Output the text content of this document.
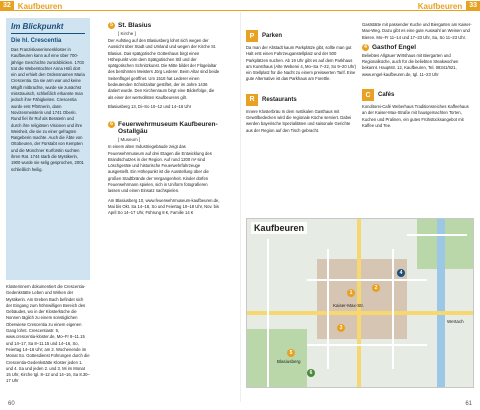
32 Kaufbeuren	Kaufbeuren	33
Im Blickpunkt
Die hl. Crescentia
Das Franziskanerinnenkloster in Kaufbeuren kann auf eine über 700-jährige Geschichte zurückblicken. 1703 trat die Weberstochter Anna Höß dort ein und erhielt den Ordensnamen Maria Crescentia. Da sie arm war und keine Mitgift mitbrachte, wurde sie zunächst misstrauisch, schließlich erkannte man jedoch ihre Fähigkeiten. Crescentia wurde erst Pförtnerin, dann Novizenmeisterin und 1741 Oberin. Rund fiel ihr Ruf als Beraterin und durch ihre religiösen Visionen und ihre Weisheit, die sie zu einer gefragten Ratgeberin machte. Auch die Äbte von Ottobeuren, der Fürstabt von Kempten und die Münchner Kurfürstin suchten ihren Rat. 1744 starb die Mystikerin, 1900 wurde sie selig gesprochen, 2001 schließlich heilig.
Klosterinnern dokumentiert die Crescentia-Gedenkstätte Leben und Wirken der Mystikerin. Am Ereben Bach befindet sich der Eingang zum höhnwilligen Bereich des Gebäudes, wo in der Klosterküche die Nonnen täglich zu einem sonstiglichen Oberwiese Crescentia zu einem eigenen Gang lohnt. Crescentiastr. 5, www.crescentia-kloster.de, Mo–Fr 8–11.15 und 14–17, Sa 8–11.15 und 14–16, So, Feiertag 14–16 Uhr; am 2. Wochenende im Monat So. Gottesdienst Führungen durch die Crescentia-Gedenkstätte Kloster jeden 1. und 4. Sa und jeden 2. und 3. Mi im Monat 15 Uhr, Kirche tgl. 8–12 und 14–16, Sa 8.30–17 Uhr
5 St. Blasius
[ Kirche ]
Der Aufstieg auf den Blasiusberg lohnt sich wegen der Aussicht über Stadt und Umland und wegen der Kirche St. Blasius. Das spätgotische Gotteshaus birgt einen Höhepunkt vom dem Spätgotischen Stil und der spätgotischen Schnitzkunst. Die Mitte bildet der Flügelaltar des berühmten Meisters Jörg Lederer. Beim Altar sind beide Seitenflügel geöffnet. Um 1518 hat Lederer einen bedeutenden Schnitzaltar gestiftet, der im Jahre 1436 datiert wurde. Den Kirchenraum birgt eine Bilderfolge, die als einer der wertvollsten Kaufbeurens gilt.
Blasiusberg 13, Di–So 10–12 und 14–16 Uhr
6 Feuerwehrmuseum Kaufbeuren-Ostallgäu
[ Museum ]
In einem alten Industriegebäude zeigt das Feuerwehrmuseum auf drei Etagen die Entwicklung des Brandschutzes in der Region. Auf rund 1200 m² sind Löschgeräte und historische Feuerwehrfahrzeuge ausgestellt. Ein Höhepunkt ist die Ausstellung über die großen Stadtbrände der Vergangenheit. Kinder dürfen Feuerwehrmann spielen, sich in Uniform fotografieren lassen und einen Einsatz nachspielen.
Am Blasiusberg 10, www.feuerwehrmuseum-kaufbeuren.de, Mai bis Okt. Sa 14–18, So und Feiertag 10–18 Uhr, Nov. bis April So 14–17 Uhr, Führung 8 €, Familie 14 €
P	Parken
Da man der Altstadt kaum Parkplätze gibt, sollte man gut Halt erst einen Fahrzeuganstellplatz und der 500 Parkplätzen suchen. Ab 19 Uhr gibt es auf dem Parkhaus am Kunsthaus (Alte Weberei 4, Mo–Sa 7–22, So 9–20 Uhr) ein Stellplatz für die Nacht zu einem preiswerten Tarif. Eine gute Alternative ist das Parkhaus am Forettle.
R	Restaurants
Innere Klosterbräu In dem rustikalen Gasthaus mit Gewölbedecken wird die regionale Küche serviert. Dabei werden bayerische Spezialitäten und saisonale Gerichte aus der Region auf den Tisch gebracht.
Gaststätte mit passender Kuche und Biergarten am Kaiser-Max-Weg. Dazu gibt es eine gute Auswahl an Weinen und Bieren. Mo–Fr 11–14 und 17–23 Uhr, Sa, So 11–23 Uhr.
4 Gasthof Engel
Beliebtes Allgäuer Wirtshaus mit Biergarten und Regionalküche, auch für die beliebten Steakwochen bekannt. Hauptstr. 12, Kaufbeuren, Tel. 08341/921, www.engel-kaufbeuren.de, tgl. 11–23 Uhr
C	Cafés
Konditorei-Café Weberhaus Traditionsreiches Kaffeehaus an der Kaiser-Max-Straße mit hausgemachten Torten, Kuchen und Pralinen, ein gutes Frühstücksangebot mit Kaffee und Tee.
Kaufbeuren
Kaiser-Max-Str.
Wertach
Blasiusberg
1
2
3
4
5
6
60	61
